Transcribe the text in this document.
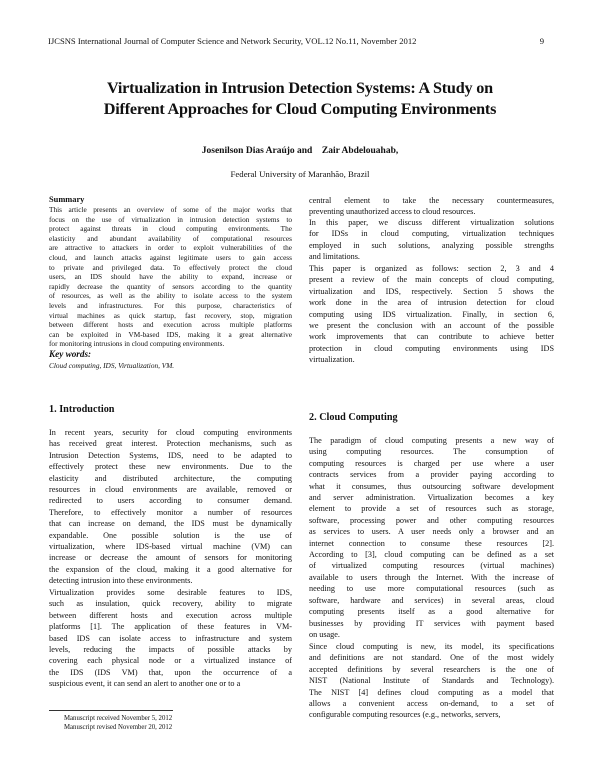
IJCSNS International Journal of Computer Science and Network Security, VOL.12 No.11, November 2012	9
Virtualization in Intrusion Detection Systems: A Study on
Different Approaches for Cloud Computing Environments
Josenilson Dias Araújo and Zair Abdelouahab,
Federal University of Maranhão, Brazil
Summary
This article presents an overview of some of the major works that
focus on the use of virtualization in intrusion detection systems to
protect against threats in cloud computing environments. The
elasticity and abundant availability of computational resources
are attractive to attackers in order to exploit vulnerabilities of the
cloud, and launch attacks against legitimate users to gain access
to private and privileged data. To effectively protect the cloud
users, an IDS should have the ability to expand, increase or
rapidly decrease the quantity of sensors according to the quantity
of resources, as well as the ability to isolate access to the system
levels and infrastructures. For this purpose, characteristics of
virtual machines as quick startup, fast recovery, stop, migration
between different hosts and execution across multiple platforms
can be exploited in VM-based IDS, making it a great alternative
for monitoring intrusions in cloud computing environments.
Key words:
Cloud computing, IDS, Virtualization, VM.
1. Introduction
In recent years, security for cloud computing environments
has received great interest. Protection mechanisms, such as
Intrusion Detection Systems, IDS, need to be adapted to
effectively protect these new environments. Due to the
elasticity and distributed architecture, the computing
resources in cloud environments are available, removed or
redirected to users according to consumer demand.
Therefore, to effectively monitor a number of resources
that can increase on demand, the IDS must be dynamically
expandable. One possible solution is the use of
virtualization, where IDS-based virtual machine (VM) can
increase or decrease the amount of sensors for monitoring
the expansion of the cloud, making it a good alternative for
detecting intrusion into these environments.
Virtualization provides some desirable features to IDS,
such as insulation, quick recovery, ability to migrate
between different hosts and execution across multiple
platforms [1]. The application of these features in VM-
based IDS can isolate access to infrastructure and system
levels, reducing the impacts of possible attacks by
covering each physical node or a virtualized instance of
the IDS (IDS VM) that, upon the occurrence of a
suspicious event, it can send an alert to another one or to a
central element to take the necessary countermeasures,
preventing unauthorized access to cloud resources.
In this paper, we discuss different virtualization solutions
for IDSs in cloud computing, virtualization techniques
employed in such solutions, analyzing possible strengths
and limitations.
This paper is organized as follows: section 2, 3 and 4
present a review of the main concepts of cloud computing,
virtualization and IDS, respectively. Section 5 shows the
work done in the area of intrusion detection for cloud
computing using IDS virtualization. Finally, in section 6,
we present the conclusion with an account of the possible
work improvements that can contribute to achieve better
protection in cloud computing environments using IDS
virtualization.
2. Cloud Computing
The paradigm of cloud computing presents a new way of
using computing resources. The consumption of
computing resources is charged per use where a user
contracts services from a provider paying according to
what it consumes, thus outsourcing software development
and server administration. Virtualization becomes a key
element to provide a set of resources such as storage,
software, processing power and other computing resources
as services to users. A user needs only a browser and an
internet connection to consume these resources [2].
According to [3], cloud computing can be defined as a set
of virtualized computing resources (virtual machines)
available to users through the Internet. With the increase of
needing to use more computational resources (such as
software, hardware and services) in several areas, cloud
computing presents itself as a good alternative for
businesses by providing IT services with payment based
on usage.
Since cloud computing is new, its model, its specifications
and definitions are not standard. One of the most widely
accepted definitions by several researchers is the one of
NIST (National Institute of Standards and Technology).
The NIST [4] defines cloud computing as a model that
allows a convenient access on-demand, to a set of
configurable computing resources (e.g., networks, servers,
Manuscript received November 5, 2012
Manuscript revised November 20, 2012
